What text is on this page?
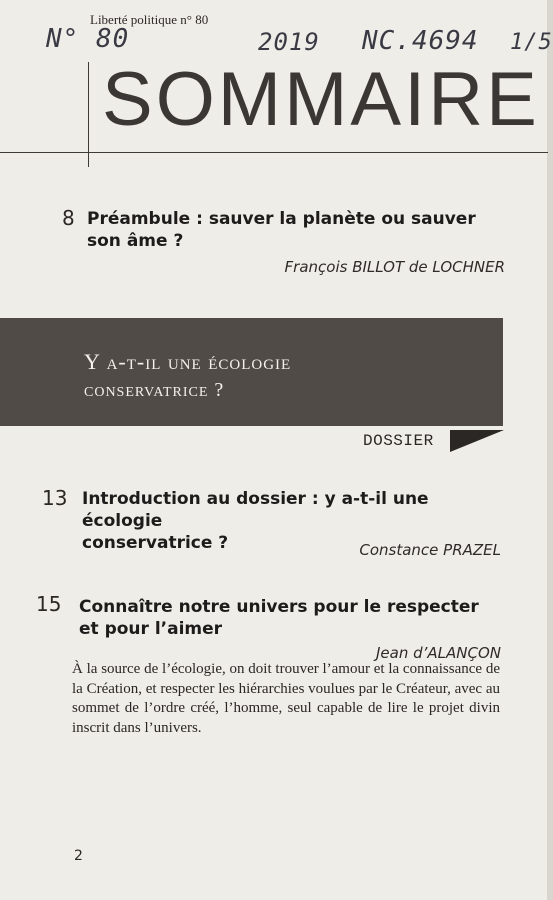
Liberté politique n° 80
N° 80	2019 NC.4694 1/5
SOMMAIRE
8 Préambule : sauver la planète ou sauver
son âme ?
François BILLOT de LOCHNER
Y a-t-il une écologie
conservatrice ?
DOSSIER
13 Introduction au dossier : y a-t-il une écologie
conservatrice ?	Constance PRAZEL
15 Connaître notre univers pour le respecter
et pour l’aimer
Jean d’ALANÇON
À la source de l’écologie, on doit trouver l’amour et la connaissance de la Création, et respecter les hiérarchies voulues par le Créateur, avec au sommet de l’ordre créé, l’homme, seul capable de lire le projet divin inscrit dans l’univers.
2
